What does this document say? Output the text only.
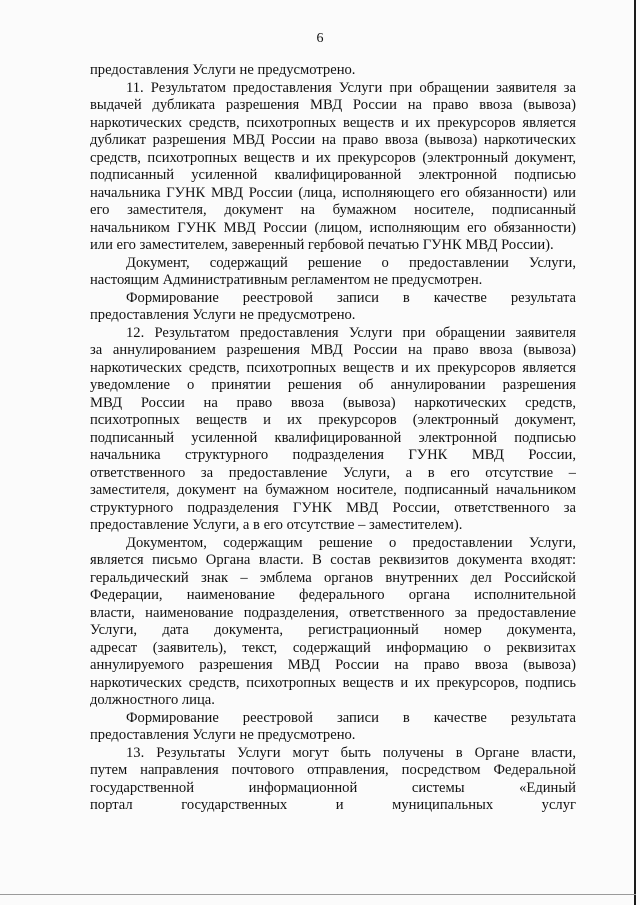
6
предоставления Услуги не предусмотрено.
11. Результатом предоставления Услуги при обращении заявителя за
выдачей дубликата разрешения МВД России на право ввоза (вывоза)
наркотических средств, психотропных веществ и их прекурсоров является
дубликат разрешения МВД России на право ввоза (вывоза) наркотических
средств, психотропных веществ и их прекурсоров (электронный документ,
подписанный усиленной квалифицированной электронной подписью
начальника ГУНК МВД России (лица, исполняющего его обязанности) или
его заместителя, документ на бумажном носителе, подписанный
начальником ГУНК МВД России (лицом, исполняющим его обязанности)
или его заместителем, заверенный гербовой печатью ГУНК МВД России).
Документ, содержащий решение о предоставлении Услуги,
настоящим Административным регламентом не предусмотрен.
Формирование реестровой записи в качестве результата
предоставления Услуги не предусмотрено.
12. Результатом предоставления Услуги при обращении заявителя
за аннулированием разрешения МВД России на право ввоза (вывоза)
наркотических средств, психотропных веществ и их прекурсоров является
уведомление о принятии решения об аннулировании разрешения
МВД России на право ввоза (вывоза) наркотических средств,
психотропных веществ и их прекурсоров (электронный документ,
подписанный усиленной квалифицированной электронной подписью
начальника структурного подразделения ГУНК МВД России,
ответственного за предоставление Услуги, а в его отсутствие –
заместителя, документ на бумажном носителе, подписанный начальником
структурного подразделения ГУНК МВД России, ответственного за
предоставление Услуги, а в его отсутствие – заместителем).
Документом, содержащим решение о предоставлении Услуги,
является письмо Органа власти. В состав реквизитов документа входят:
геральдический знак – эмблема органов внутренних дел Российской
Федерации, наименование федерального органа исполнительной
власти, наименование подразделения, ответственного за предоставление
Услуги, дата документа, регистрационный номер документа,
адресат (заявитель), текст, содержащий информацию о реквизитах
аннулируемого разрешения МВД России на право ввоза (вывоза)
наркотических средств, психотропных веществ и их прекурсоров, подпись
должностного лица.
Формирование реестровой записи в качестве результата
предоставления Услуги не предусмотрено.
13. Результаты Услуги могут быть получены в Органе власти,
путем направления почтового отправления, посредством Федеральной
государственной информационной системы «Единый
портал государственных и муниципальных услуг
